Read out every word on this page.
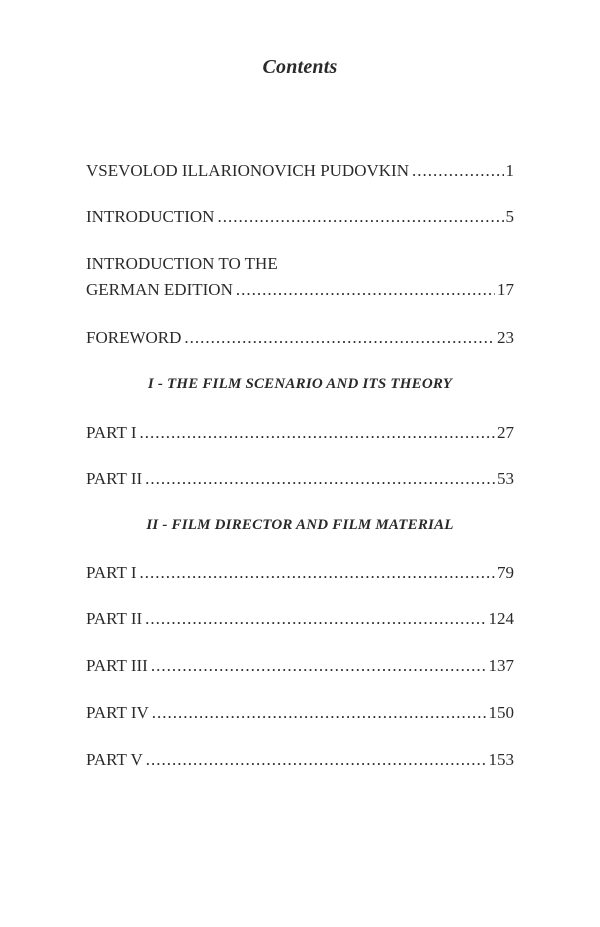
Contents
VSEVOLOD ILLARIONOVICH PUDOVKIN .....	1
INTRODUCTION .....	5
INTRODUCTION TO THE
GERMAN EDITION .....	17
FOREWORD .....	23
I - THE FILM SCENARIO AND ITS THEORY
PART I .....	27
PART II .....	53
II - FILM DIRECTOR AND FILM MATERIAL
PART I .....	79
PART II .....	124
PART III .....	137
PART IV .....	150
PART V .....	153
